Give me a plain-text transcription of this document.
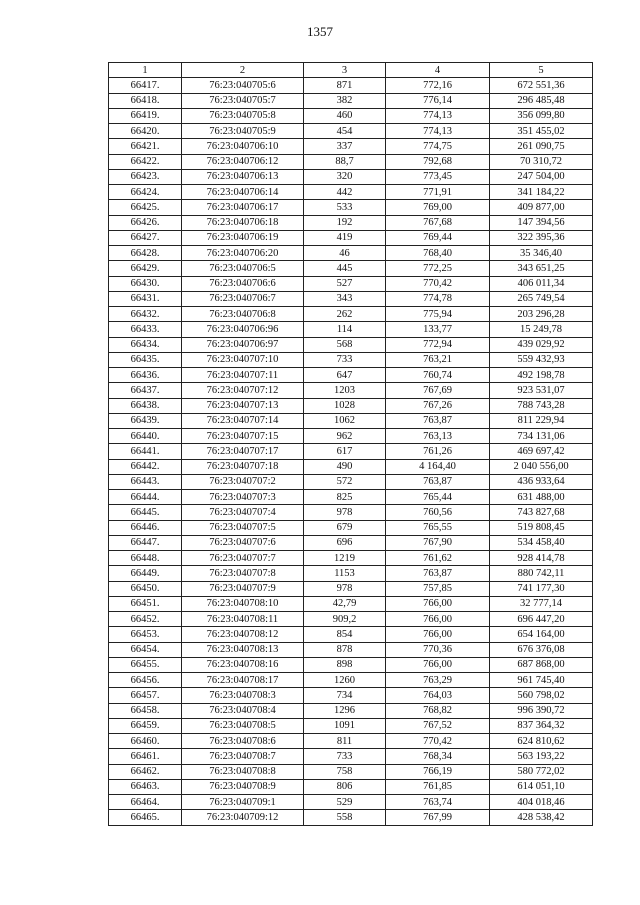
1357
1	2	3	4	5
66417.	76:23:040705:6	871	772,16	672 551,36
66418.	76:23:040705:7	382	776,14	296 485,48
66419.	76:23:040705:8	460	774,13	356 099,80
66420.	76:23:040705:9	454	774,13	351 455,02
66421.	76:23:040706:10	337	774,75	261 090,75
66422.	76:23:040706:12	88,7	792,68	70 310,72
66423.	76:23:040706:13	320	773,45	247 504,00
66424.	76:23:040706:14	442	771,91	341 184,22
66425.	76:23:040706:17	533	769,00	409 877,00
66426.	76:23:040706:18	192	767,68	147 394,56
66427.	76:23:040706:19	419	769,44	322 395,36
66428.	76:23:040706:20	46	768,40	35 346,40
66429.	76:23:040706:5	445	772,25	343 651,25
66430.	76:23:040706:6	527	770,42	406 011,34
66431.	76:23:040706:7	343	774,78	265 749,54
66432.	76:23:040706:8	262	775,94	203 296,28
66433.	76:23:040706:96	114	133,77	15 249,78
66434.	76:23:040706:97	568	772,94	439 029,92
66435.	76:23:040707:10	733	763,21	559 432,93
66436.	76:23:040707:11	647	760,74	492 198,78
66437.	76:23:040707:12	1203	767,69	923 531,07
66438.	76:23:040707:13	1028	767,26	788 743,28
66439.	76:23:040707:14	1062	763,87	811 229,94
66440.	76:23:040707:15	962	763,13	734 131,06
66441.	76:23:040707:17	617	761,26	469 697,42
66442.	76:23:040707:18	490	4 164,40	2 040 556,00
66443.	76:23:040707:2	572	763,87	436 933,64
66444.	76:23:040707:3	825	765,44	631 488,00
66445.	76:23:040707:4	978	760,56	743 827,68
66446.	76:23:040707:5	679	765,55	519 808,45
66447.	76:23:040707:6	696	767,90	534 458,40
66448.	76:23:040707:7	1219	761,62	928 414,78
66449.	76:23:040707:8	1153	763,87	880 742,11
66450.	76:23:040707:9	978	757,85	741 177,30
66451.	76:23:040708:10	42,79	766,00	32 777,14
66452.	76:23:040708:11	909,2	766,00	696 447,20
66453.	76:23:040708:12	854	766,00	654 164,00
66454.	76:23:040708:13	878	770,36	676 376,08
66455.	76:23:040708:16	898	766,00	687 868,00
66456.	76:23:040708:17	1260	763,29	961 745,40
66457.	76:23:040708:3	734	764,03	560 798,02
66458.	76:23:040708:4	1296	768,82	996 390,72
66459.	76:23:040708:5	1091	767,52	837 364,32
66460.	76:23:040708:6	811	770,42	624 810,62
66461.	76:23:040708:7	733	768,34	563 193,22
66462.	76:23:040708:8	758	766,19	580 772,02
66463.	76:23:040708:9	806	761,85	614 051,10
66464.	76:23:040709:1	529	763,74	404 018,46
66465.	76:23:040709:12	558	767,99	428 538,42
